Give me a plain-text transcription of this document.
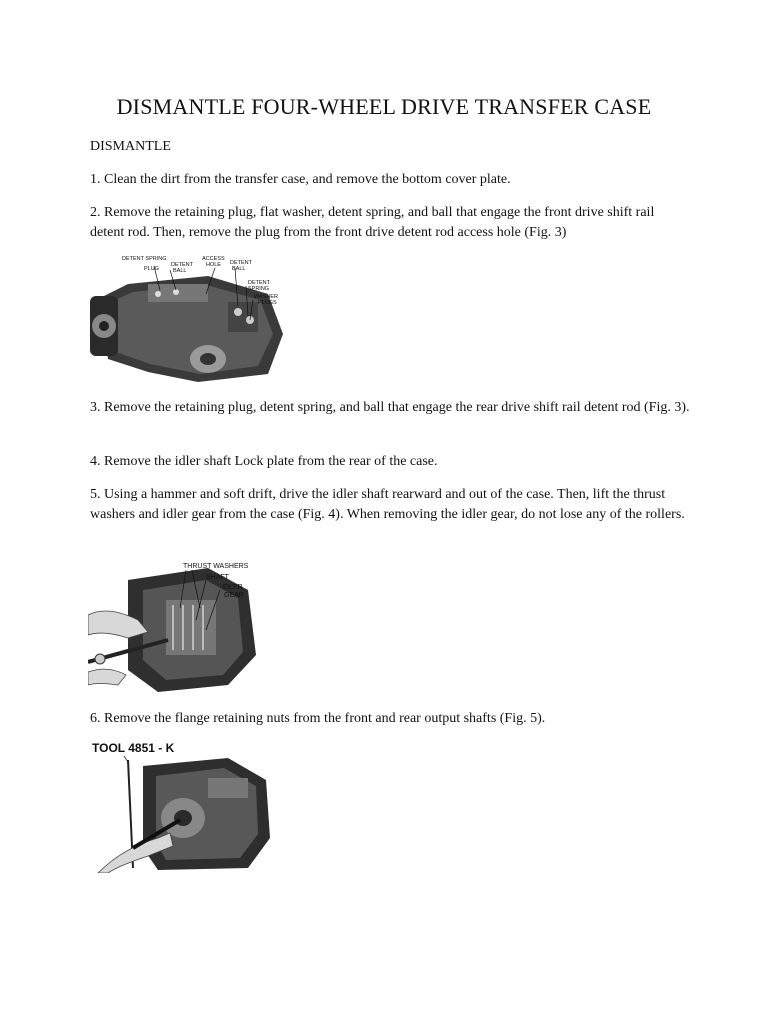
DISMANTLE FOUR-WHEEL DRIVE TRANSFER CASE

DISMANTLE

1. Clean the dirt from the transfer case, and remove the bottom cover plate.

2. Remove the retaining plug, flat washer, detent spring, and ball that engage the front drive shift rail detent rod. Then, remove the plug from the front drive detent rod access hole (Fig. 3)

DETENT SPRING
PLUG
DETENT
BALL
ACCESS
HOLE DETENT
BALL
DETENT
SPRING
WASHER
PLUGS

3. Remove the retaining plug, detent spring, and ball that engage the rear drive shift rail detent rod (Fig. 3).

4. Remove the idler shaft Lock plate from the rear of the case.

5. Using a hammer and soft drift, drive the idler shaft rearward and out of the case. Then, lift the thrust washers and idler gear from the case (Fig. 4). When removing the idler gear, do not lose any of the rollers.

THRUST WASHERS
SHAFT
IDLER
GEAR

6. Remove the flange retaining nuts from the front and rear output shafts (Fig. 5).

TOOL 4851 - K
